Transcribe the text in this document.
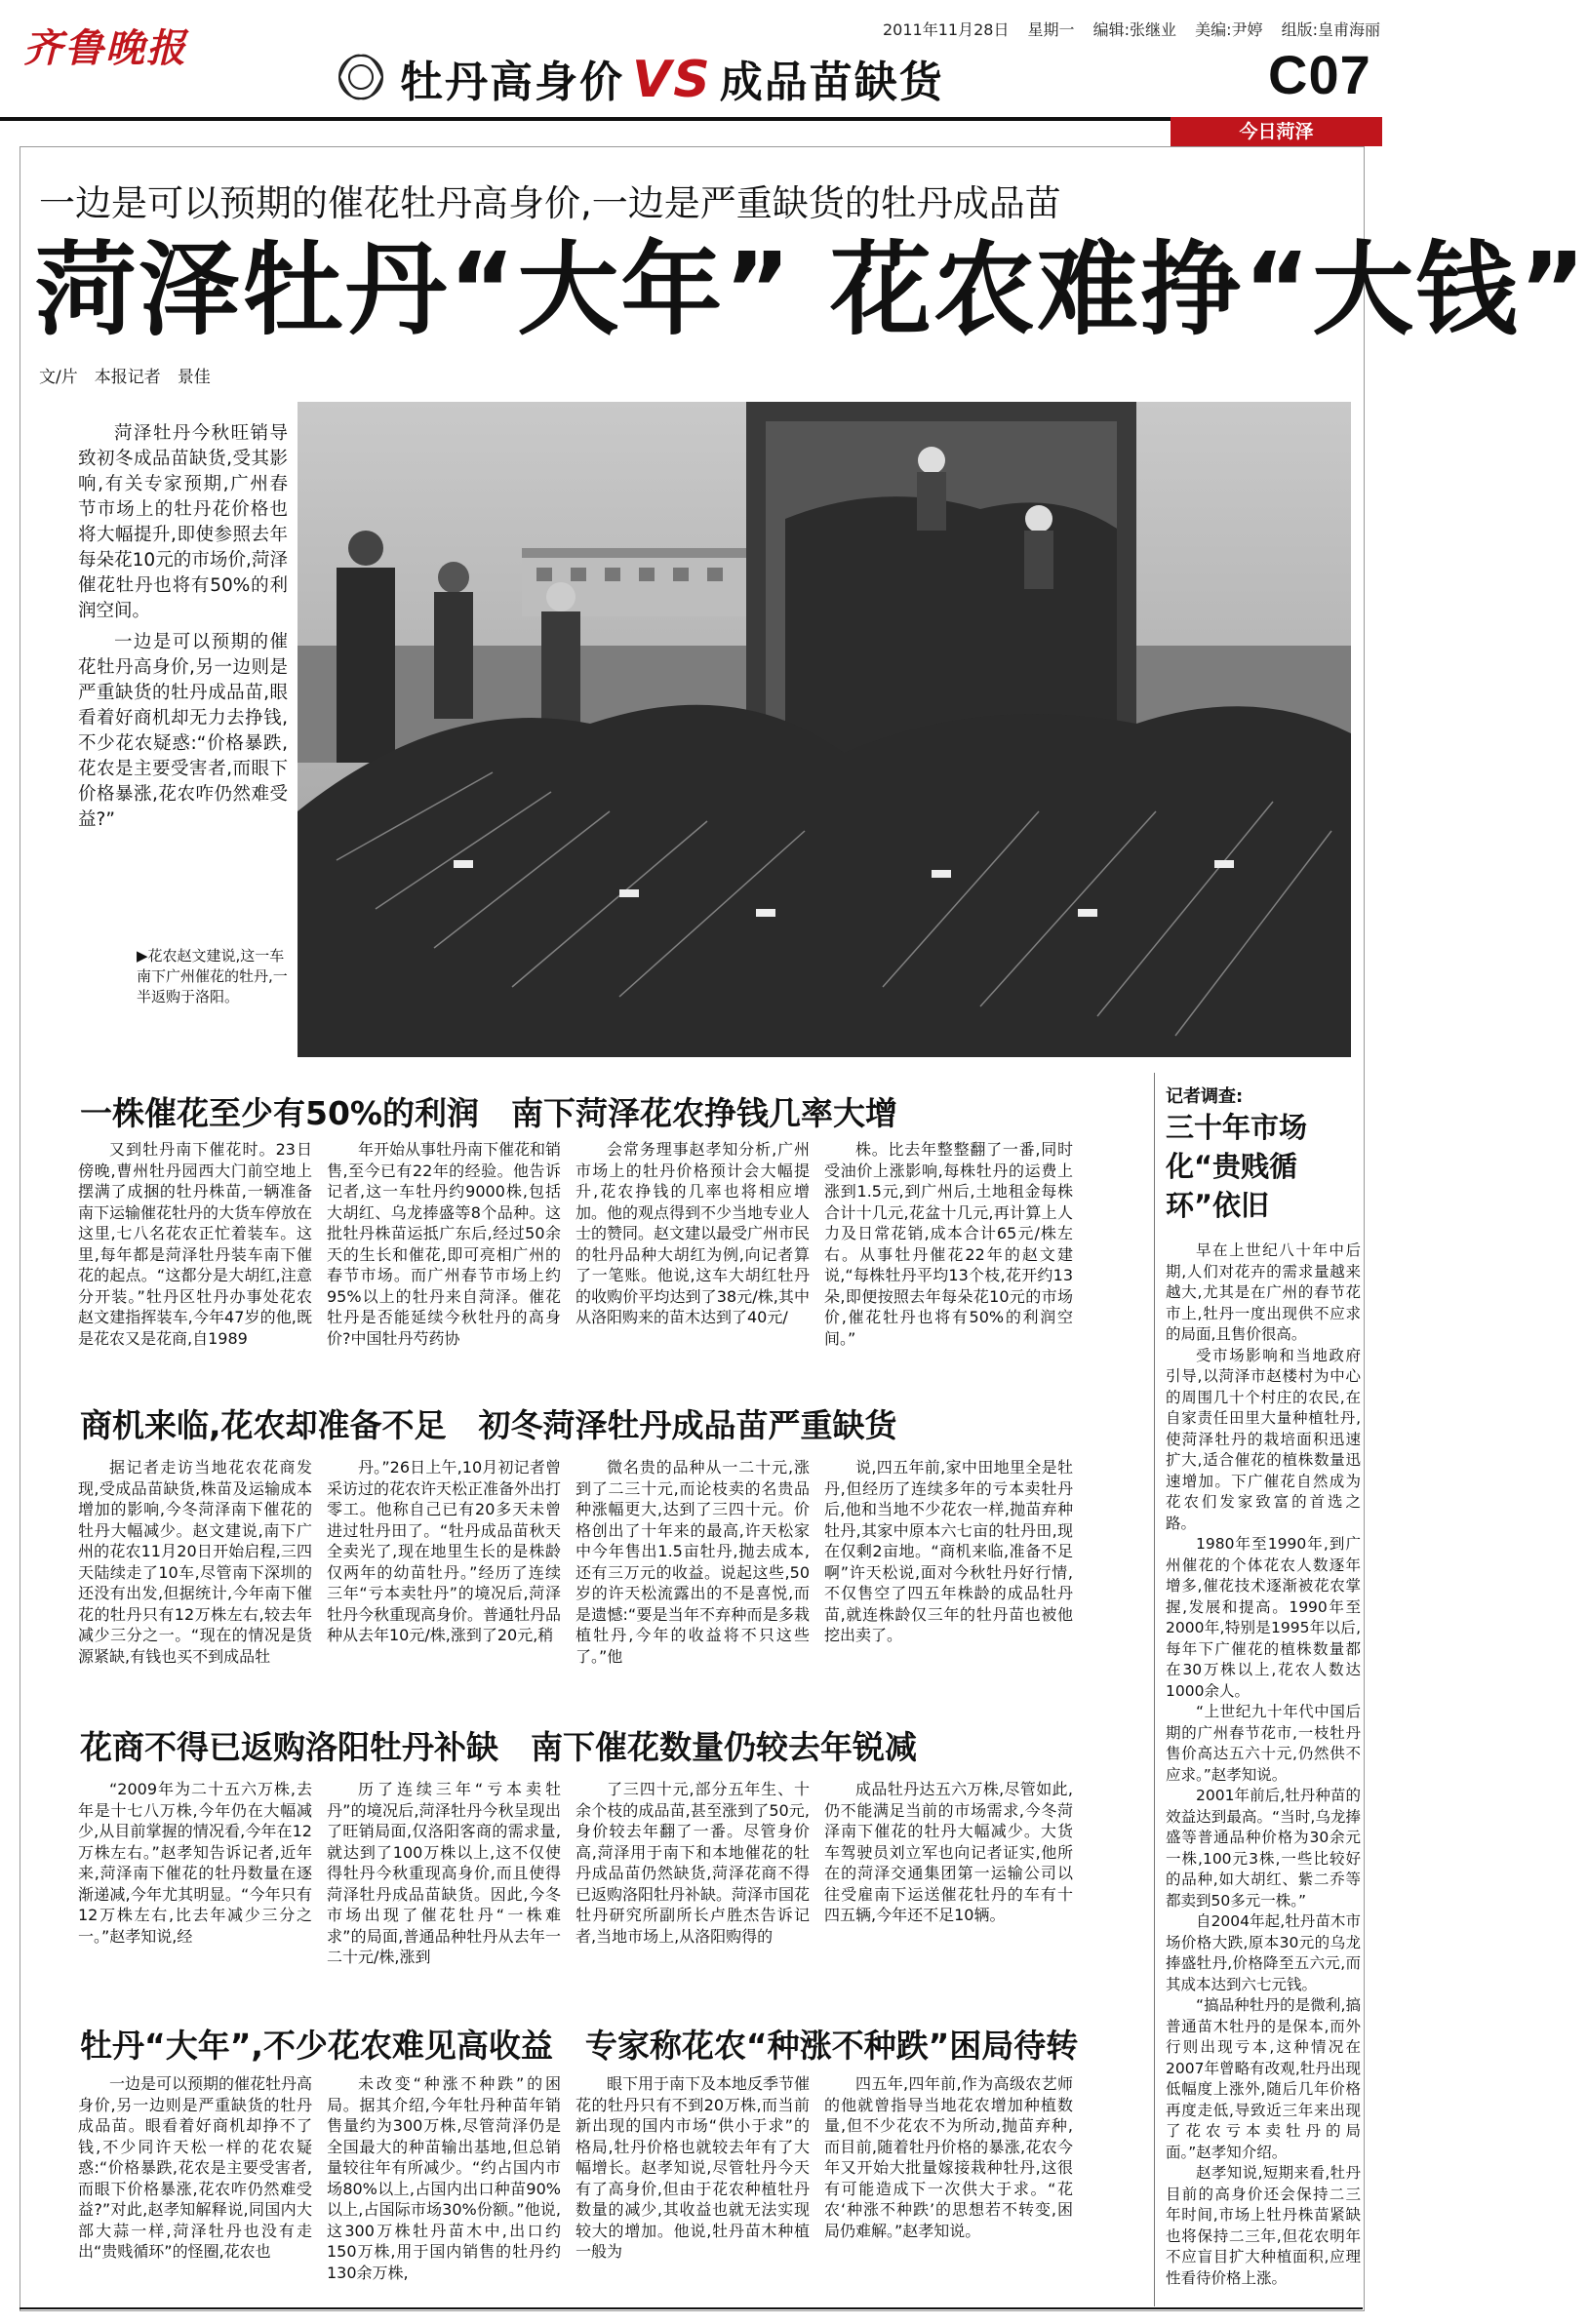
齐鲁晚报	2011年11月28日 星期一 编辑:张继业 美编:尹婷 组版:皇甫海丽
C07
牡丹高身价 VS 成品苗缺货
今日菏泽
一边是可以预期的催花牡丹高身价,一边是严重缺货的牡丹成品苗
菏泽牡丹“大年” 花农难挣“大钱”
文/片　本报记者　景佳

菏泽牡丹今秋旺销导致初冬成品苗缺货,受其影响,有关专家预期,广州春节市场上的牡丹花价格也将大幅提升,即使参照去年每朵花10元的市场价,菏泽催花牡丹也将有50%的利润空间。

一边是可以预期的催花牡丹高身价,另一边则是严重缺货的牡丹成品苗,眼看着好商机却无力去挣钱,不少花农疑惑:“价格暴跌,花农是主要受害者,而眼下价格暴涨,花农咋仍然难受益?”

▶花农赵文建说,这一车南下广州催花的牡丹,一半返购于洛阳。
一株催花至少有50%的利润　南下菏泽花农挣钱几率大增

又到牡丹南下催花时。23日傍晚,曹州牡丹园西大门前空地上摆满了成捆的牡丹株苗,一辆准备南下运输催花牡丹的大货车停放在这里,七八名花农正忙着装车。这里,每年都是菏泽牡丹装车南下催花的起点。“这都分是大胡红,注意分开装。”牡丹区牡丹办事处花农赵文建指挥装车,今年47岁的他,既是花农又是花商,自1989

年开始从事牡丹南下催花和销售,至今已有22年的经验。他告诉记者,这一车牡丹约9000株,包括大胡红、乌龙捧盛等8个品种。这批牡丹株苗运抵广东后,经过50余天的生长和催花,即可亮相广州的春节市场。而广州春节市场上约95%以上的牡丹来自菏泽。催花牡丹是否能延续今秋牡丹的高身价?中国牡丹芍药协

会常务理事赵孝知分析,广州市场上的牡丹价格预计会大幅提升,花农挣钱的几率也将相应增加。他的观点得到不少当地专业人士的赞同。赵文建以最受广州市民的牡丹品种大胡红为例,向记者算了一笔账。他说,这车大胡红牡丹的收购价平均达到了38元/株,其中从洛阳购来的苗木达到了40元/

株。比去年整整翻了一番,同时受油价上涨影响,每株牡丹的运费上涨到1.5元,到广州后,土地租金每株合计十几元,花盆十几元,再计算上人力及日常花销,成本合计65元/株左右。从事牡丹催花22年的赵文建说,“每株牡丹平均13个枝,花开约13朵,即便按照去年每朵花10元的市场价,催花牡丹也将有50%的利润空间。”

商机来临,花农却准备不足　初冬菏泽牡丹成品苗严重缺货

据记者走访当地花农花商发现,受成品苗缺货,株苗及运输成本增加的影响,今冬菏泽南下催花的牡丹大幅减少。赵文建说,南下广州的花农11月20日开始启程,三四天陆续走了10车,尽管南下深圳的还没有出发,但据统计,今年南下催花的牡丹只有12万株左右,较去年减少三分之一。“现在的情况是货源紧缺,有钱也买不到成品牡

丹。”26日上午,10月初记者曾采访过的花农许天松正准备外出打零工。他称自己已有20多天未曾进过牡丹田了。“牡丹成品苗秋天全卖光了,现在地里生长的是株龄仅两年的幼苗牡丹。”经历了连续三年“亏本卖牡丹”的境况后,菏泽牡丹今秋重现高身价。普通牡丹品种从去年10元/株,涨到了20元,稍

微名贵的品种从一二十元,涨到了二三十元,而论枝卖的名贵品种涨幅更大,达到了三四十元。价格创出了十年来的最高,许天松家中今年售出1.5亩牡丹,抛去成本,还有三万元的收益。说起这些,50岁的许天松流露出的不是喜悦,而是遗憾:“要是当年不弃种而是多栽植牡丹,今年的收益将不只这些了。”他

说,四五年前,家中田地里全是牡丹,但经历了连续多年的亏本卖牡丹后,他和当地不少花农一样,抛苗弃种牡丹,其家中原本六七亩的牡丹田,现在仅剩2亩地。“商机来临,准备不足啊”许天松说,面对今秋牡丹好行情,不仅售空了四五年株龄的成品牡丹苗,就连株龄仅三年的牡丹苗也被他挖出卖了。

花商不得已返购洛阳牡丹补缺　南下催花数量仍较去年锐减

“2009年为二十五六万株,去年是十七八万株,今年仍在大幅减少,从目前掌握的情况看,今年在12万株左右。”赵孝知告诉记者,近年来,菏泽南下催花的牡丹数量在逐渐递减,今年尤其明显。“今年只有12万株左右,比去年减少三分之一。”赵孝知说,经

历了连续三年“亏本卖牡丹”的境况后,菏泽牡丹今秋呈现出了旺销局面,仅洛阳客商的需求量,就达到了100万株以上,这不仅使得牡丹今秋重现高身价,而且使得菏泽牡丹成品苗缺货。因此,今冬市场出现了催花牡丹“一株难求”的局面,普通品种牡丹从去年一二十元/株,涨到

了三四十元,部分五年生、十余个枝的成品苗,甚至涨到了50元,身价较去年翻了一番。尽管身价高,菏泽用于南下和本地催花的牡丹成品苗仍然缺货,菏泽花商不得已返购洛阳牡丹补缺。菏泽市国花牡丹研究所副所长卢胜杰告诉记者,当地市场上,从洛阳购得的

成品牡丹达五六万株,尽管如此,仍不能满足当前的市场需求,今冬菏泽南下催花的牡丹大幅减少。大货车驾驶员刘立军也向记者证实,他所在的菏泽交通集团第一运输公司以往受雇南下运送催花牡丹的车有十四五辆,今年还不足10辆。

牡丹“大年”,不少花农难见高收益　专家称花农“种涨不种跌”困局待转

一边是可以预期的催花牡丹高身价,另一边则是严重缺货的牡丹成品苗。眼看着好商机却挣不了钱,不少同许天松一样的花农疑惑:“价格暴跌,花农是主要受害者,而眼下价格暴涨,花农咋仍然难受益?”对此,赵孝知解释说,同国内大部大蒜一样,菏泽牡丹也没有走出“贵贱循环”的怪圈,花农也

未改变“种涨不种跌”的困局。据其介绍,今年牡丹种苗年销售量约为300万株,尽管菏泽仍是全国最大的种苗输出基地,但总销量较往年有所减少。“约占国内市场80%以上,占国内出口种苗90%以上,占国际市场30%份额。”他说,这300万株牡丹苗木中,出口约150万株,用于国内销售的牡丹约130余万株,

眼下用于南下及本地反季节催花的牡丹只有不到20万株,而当前新出现的国内市场“供小于求”的格局,牡丹价格也就较去年有了大幅增长。赵孝知说,尽管牡丹今天有了高身价,但由于花农种植牡丹数量的减少,其收益也就无法实现较大的增加。他说,牡丹苗木种植一般为

四五年,四年前,作为高级农艺师的他就曾指导当地花农增加种植数量,但不少花农不为所动,抛苗弃种,而目前,随着牡丹价格的暴涨,花农今年又开始大批量嫁接栽种牡丹,这很有可能造成下一次供大于求。“花农‘种涨不种跌’的思想若不转变,困局仍难解。”赵孝知说。

记者调查:
三十年市场化“贵贱循环”依旧

早在上世纪八十年中后期,人们对花卉的需求量越来越大,尤其是在广州的春节花市上,牡丹一度出现供不应求的局面,且售价很高。

受市场影响和当地政府引导,以菏泽市赵楼村为中心的周围几十个村庄的农民,在自家责任田里大量种植牡丹,使菏泽牡丹的栽培面积迅速扩大,适合催花的植株数量迅速增加。下广催花自然成为花农们发家致富的首选之路。

1980年至1990年,到广州催花的个体花农人数逐年增多,催花技术逐渐被花农掌握,发展和提高。1990年至2000年,特别是1995年以后,每年下广催花的植株数量都在30万株以上,花农人数达1000余人。

“上世纪九十年代中国后期的广州春节花市,一枝牡丹售价高达五六十元,仍然供不应求。”赵孝知说。

2001年前后,牡丹种苗的效益达到最高。“当时,乌龙捧盛等普通品种价格为30余元一株,100元3株,一些比较好的品种,如大胡红、紫二乔等都卖到50多元一株。”

自2004年起,牡丹苗木市场价格大跌,原本30元的乌龙捧盛牡丹,价格降至五六元,而其成本达到六七元钱。

“搞品种牡丹的是微利,搞普通苗木牡丹的是保本,而外行则出现亏本,这种情况在2007年曾略有改观,牡丹出现低幅度上涨外,随后几年价格再度走低,导致近三年来出现了花农亏本卖牡丹的局面。”赵孝知介绍。

赵孝知说,短期来看,牡丹目前的高身价还会保持二三年时间,市场上牡丹株苗紧缺也将保持二三年,但花农明年不应盲目扩大种植面积,应理性看待价格上涨。
